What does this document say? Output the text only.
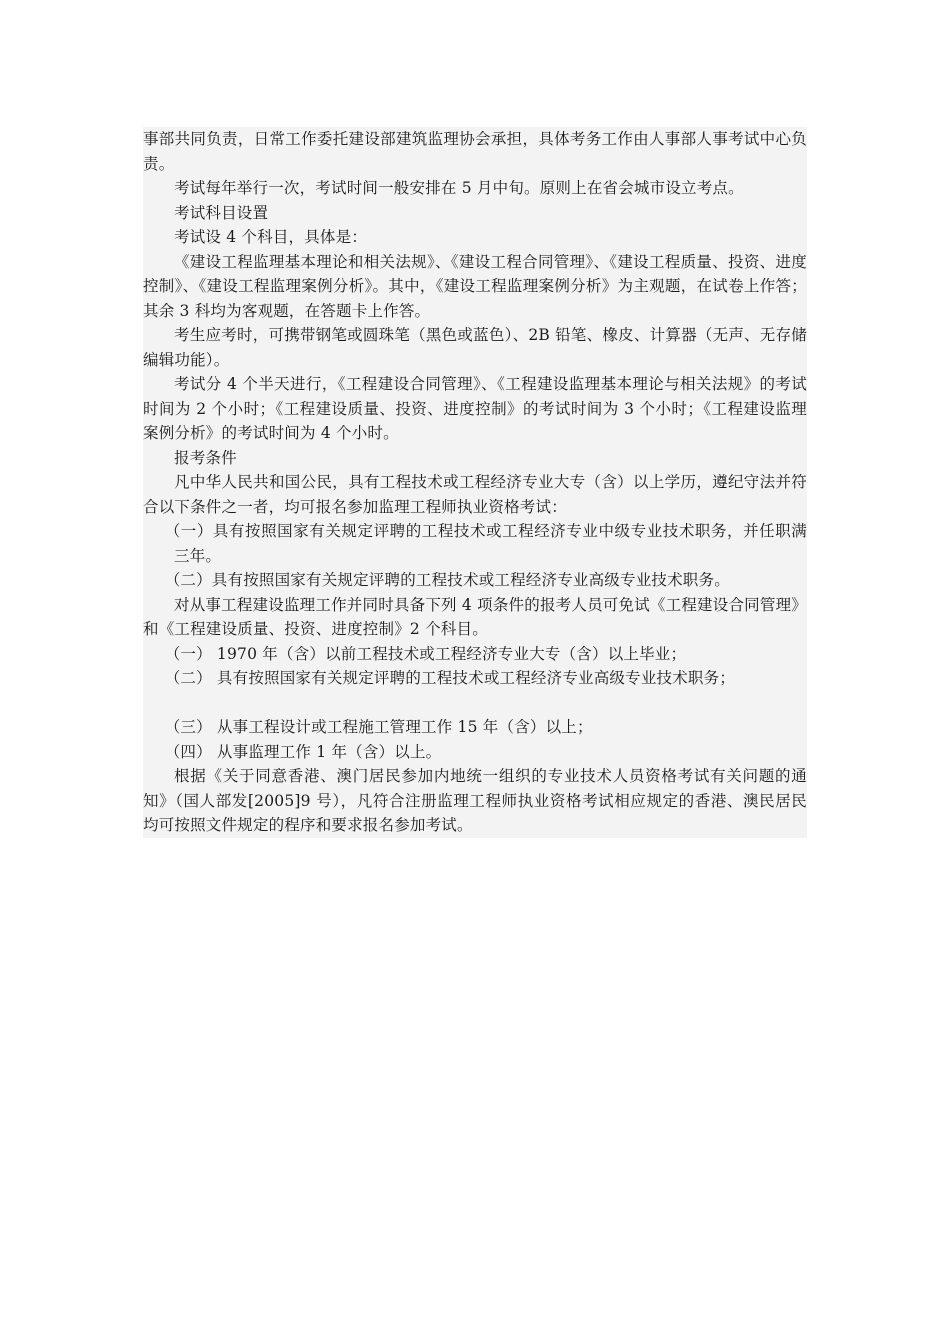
事部共同负责，日常工作委托建设部建筑监理协会承担，具体考务工作由人事部人事考试中心负责。

考试每年举行一次，考试时间一般安排在 5 月中旬。原则上在省会城市设立考点。

考试科目设置

考试设 4 个科目，具体是：

《建设工程监理基本理论和相关法规》、《建设工程合同管理》、《建设工程质量、投资、进度控制》、《建设工程监理案例分析》。其中，《建设工程监理案例分析》为主观题，在试卷上作答；其余 3 科均为客观题，在答题卡上作答。

考生应考时，可携带钢笔或圆珠笔（黑色或蓝色）、2B 铅笔、橡皮、计算器（无声、无存储编辑功能）。

考试分 4 个半天进行，《工程建设合同管理》、《工程建设监理基本理论与相关法规》的考试时间为 2 个小时；《工程建设质量、投资、进度控制》的考试时间为 3 个小时；《工程建设监理案例分析》的考试时间为 4 个小时。

报考条件

凡中华人民共和国公民，具有工程技术或工程经济专业大专（含）以上学历，遵纪守法并符合以下条件之一者，均可报名参加监理工程师执业资格考试：

（一）具有按照国家有关规定评聘的工程技术或工程经济专业中级专业技术职务，并任职满三年。

（二）具有按照国家有关规定评聘的工程技术或工程经济专业高级专业技术职务。

对从事工程建设监理工作并同时具备下列 4 项条件的报考人员可免试《工程建设合同管理》和《工程建设质量、投资、进度控制》2 个科目。

（一） 1970 年（含）以前工程技术或工程经济专业大专（含）以上毕业；

（二） 具有按照国家有关规定评聘的工程技术或工程经济专业高级专业技术职务；

（三） 从事工程设计或工程施工管理工作 15 年（含）以上；

（四） 从事监理工作 1 年（含）以上。

根据《关于同意香港、澳门居民参加内地统一组织的专业技术人员资格考试有关问题的通知》（国人部发[2005]9 号），凡符合注册监理工程师执业资格考试相应规定的香港、澳民居民均可按照文件规定的程序和要求报名参加考试。
